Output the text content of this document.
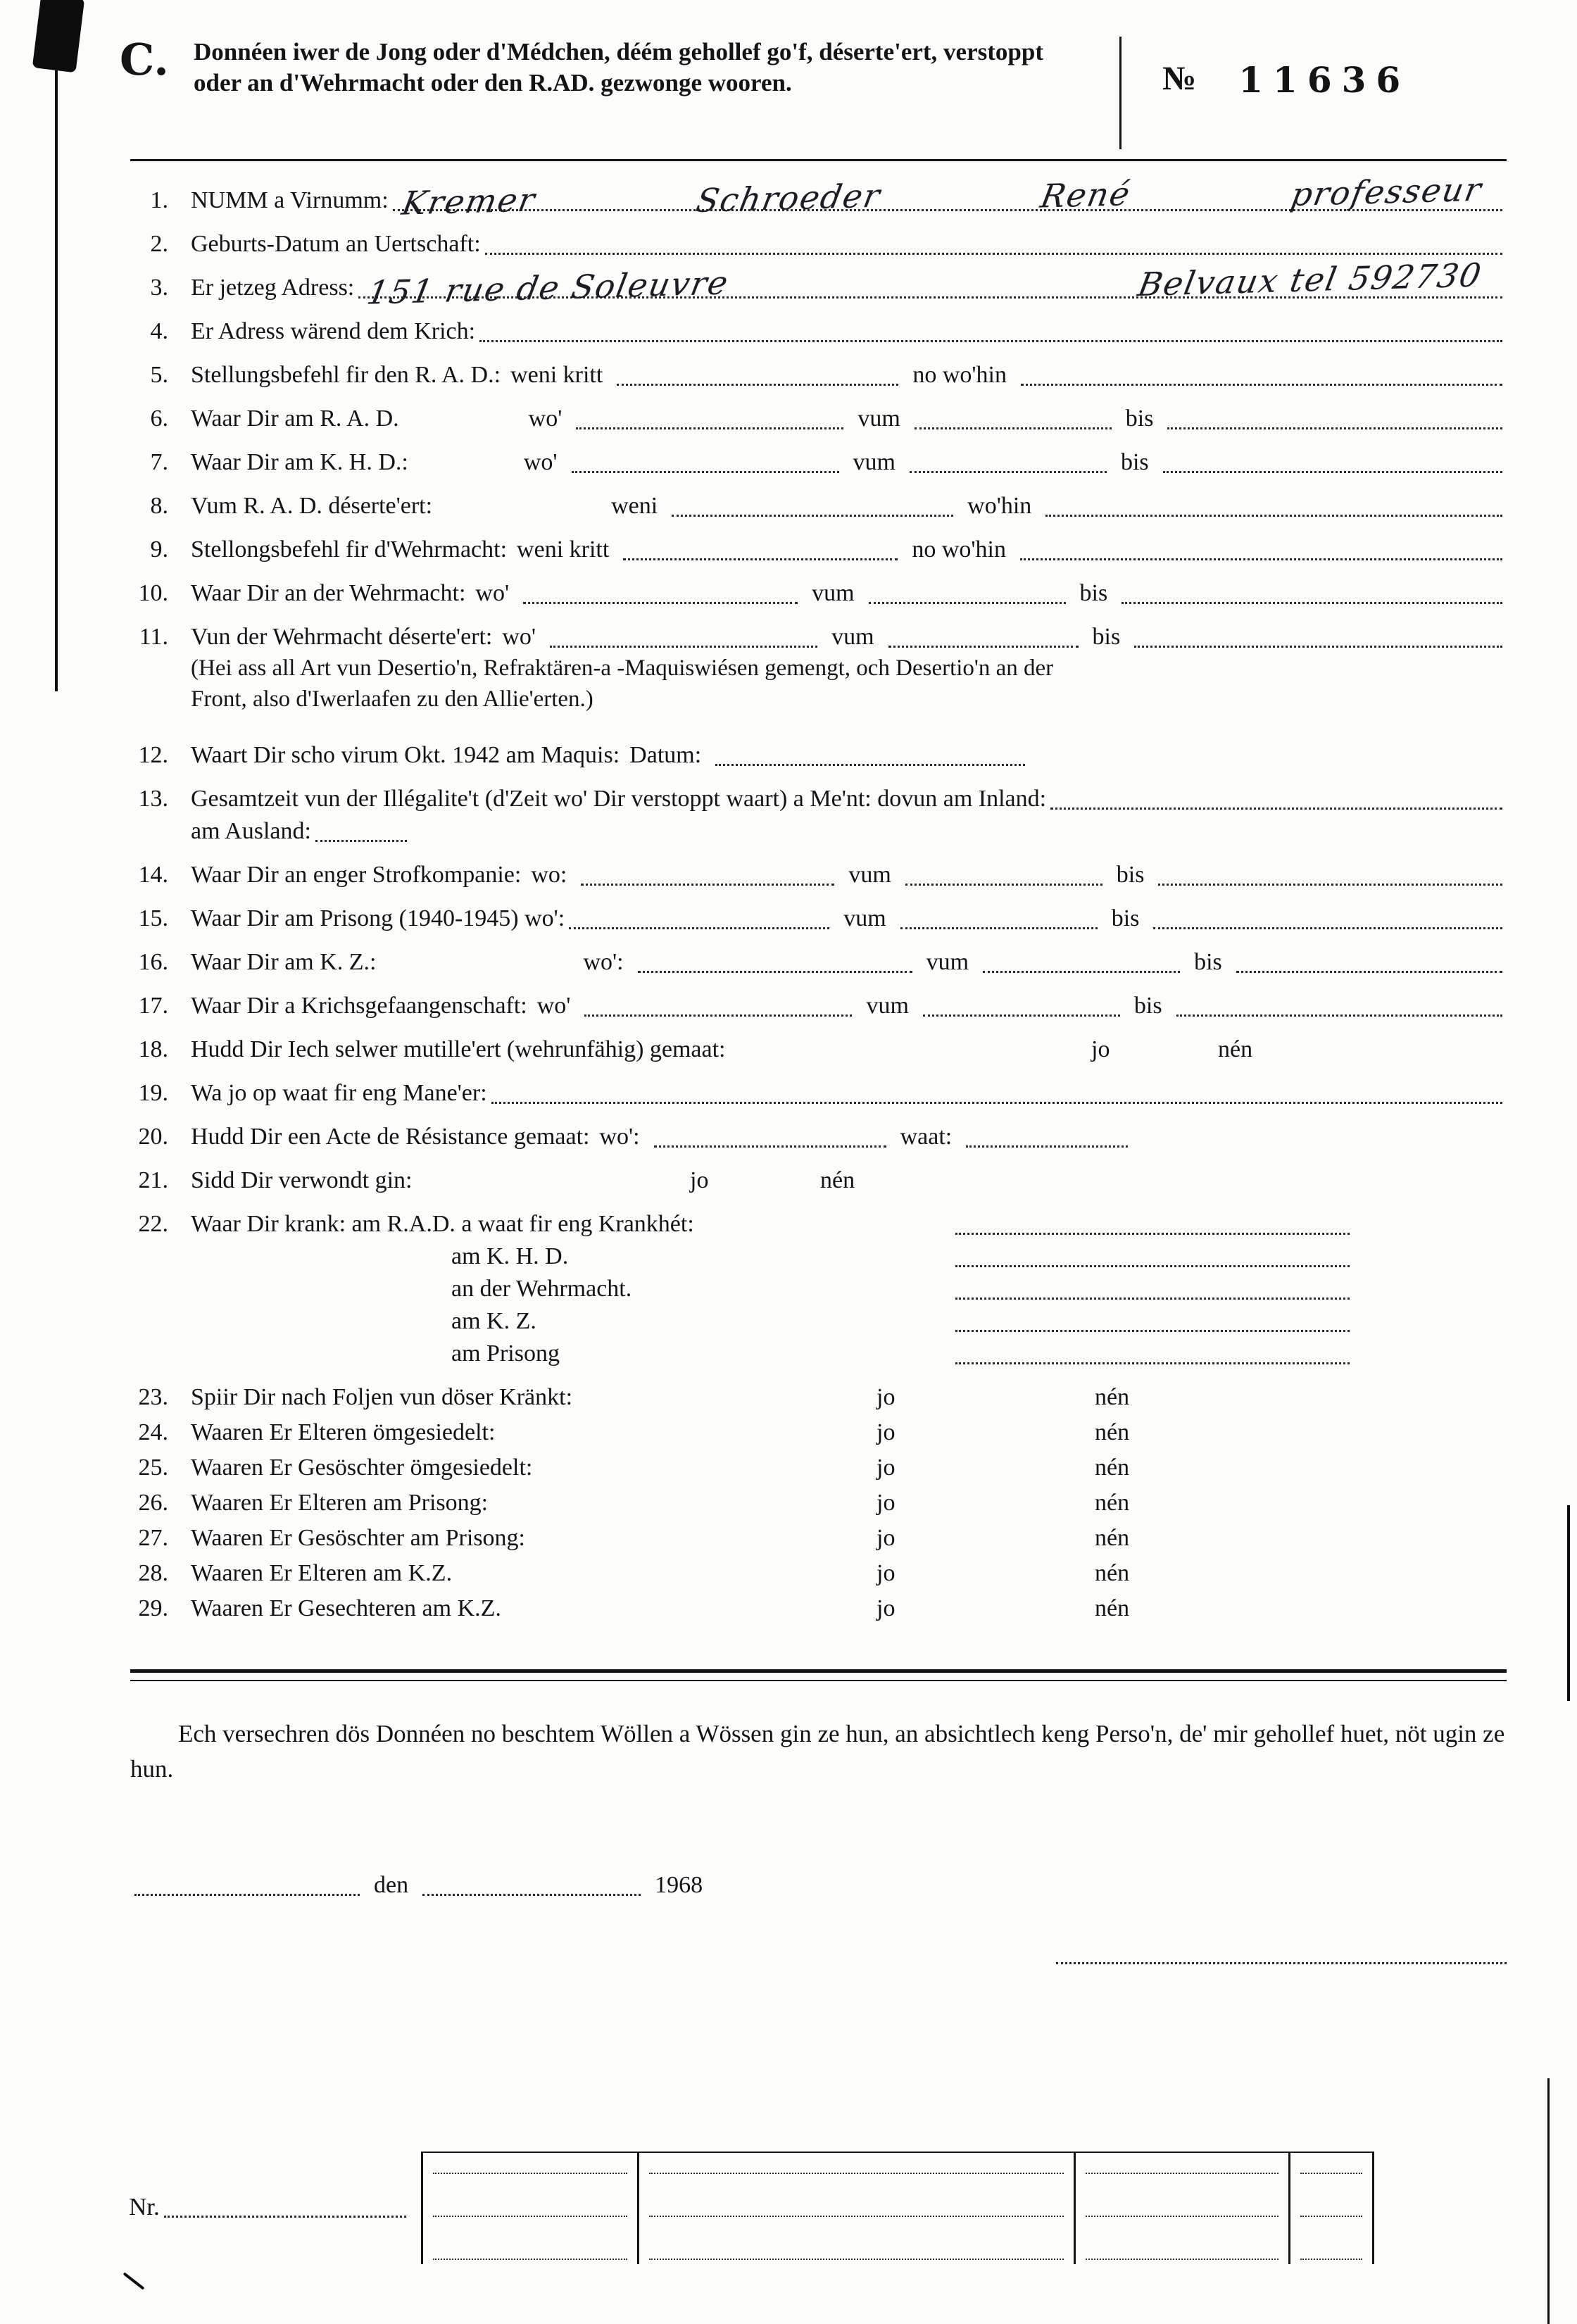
C.	Donnéen iwer de Jong oder d'Médchen, déém gehollef go'f, déserte'ert, verstoppt oder an d'Wehrmacht oder den R.AD. gezwonge wooren.	№ 11636
1. NUMM a Virnumm: Kremer	Schroeder	René	professeur
2. Geburts-Datum an Uertschaft:
3. Er jetzeg Adress: 151 rue de Soleuvre	Belvaux tel 592730
4. Er Adress wärend dem Krich:
5. Stellungsbefehl fir den R. A. D.: weni kritt	no wo'hin
6. Waar Dir am R. A. D.	wo'	vum	bis
7. Waar Dir am K. H. D.:	wo'	vum	bis
8. Vum R. A. D. déserte'ert:	weni	wo'hin
9. Stellongsbefehl fir d'Wehrmacht: weni kritt	no wo'hin
10. Waar Dir an der Wehrmacht: wo'	vum	bis
11. Vun der Wehrmacht déserte'ert: wo'	vum	bis
(Hei ass all Art vun Desertio'n, Refraktären-a -Maquiswiésen gemengt, och Desertio'n an der
Front, also d'Iwerlaafen zu den Allie'erten.)
12. Waart Dir scho virum Okt. 1942 am Maquis: Datum:
13. Gesamtzeit vun der Illégalite't (d'Zeit wo' Dir verstoppt waart) a Me'nt: dovun am Inland:
am Ausland:
14. Waar Dir an enger Strofkompanie: wo:	vum	bis
15. Waar Dir am Prisong (1940-1945) wo':	vum	bis
16. Waar Dir am K. Z.:	wo':	vum	bis
17. Waar Dir a Krichsgefaangenschaft: wo'	vum	bis
18. Hudd Dir Iech selwer mutille'ert (wehrunfähig) gemaat:	jo	nén
19. Wa jo op waat fir eng Mane'er:
20. Hudd Dir een Acte de Résistance gemaat: wo':	waat:
21. Sidd Dir verwondt gin:	jo	nén
22. Waar Dir krank: am R.A.D. a waat fir eng Krankhét:
am K. H. D.
an der Wehrmacht.
am K. Z.
am Prisong
23. Spiir Dir nach Foljen vun döser Kränkt:	jo	nén
24. Waaren Er Elteren ömgesiedelt:	jo	nén
25. Waaren Er Gesöschter ömgesiedelt:	jo	nén
26. Waaren Er Elteren am Prisong:	jo	nén
27. Waaren Er Gesöschter am Prisong:	jo	nén
28. Waaren Er Elteren am K.Z.	jo	nén
29. Waaren Er Gesechteren am K.Z.	jo	nén

Ech versechren dös Donnéen no beschtem Wöllen a Wössen gin ze hun, an absichtlech keng Perso'n, de' mir gehollef huet, nöt ugin ze hun.

den	1968
Nr.
